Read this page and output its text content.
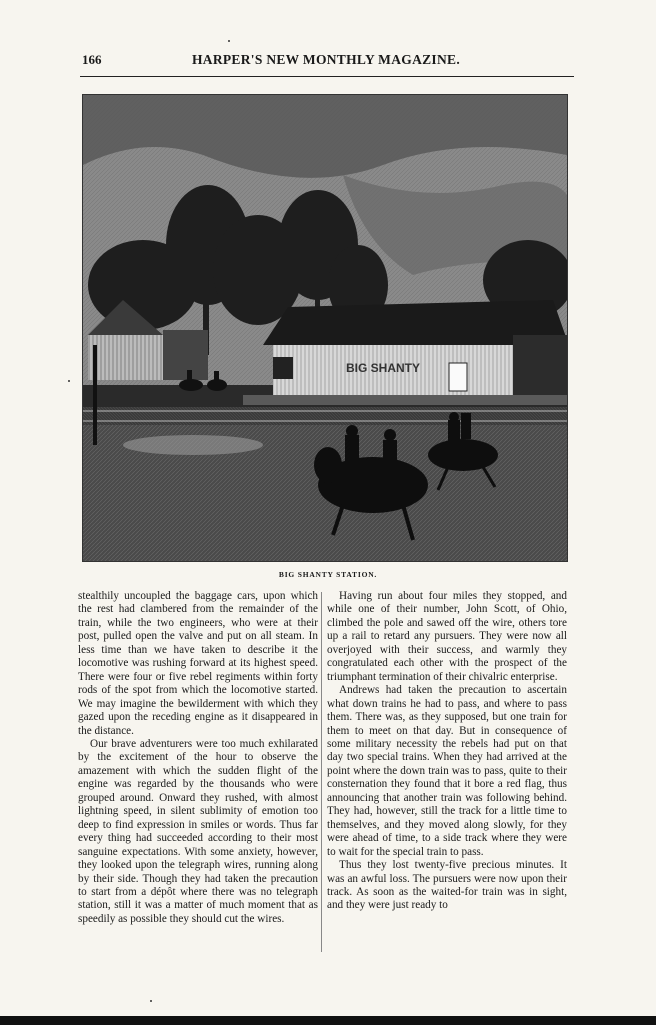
166	HARPER'S NEW MONTHLY MAGAZINE.
BIG SHANTY
BIG SHANTY STATION.

stealthily uncoupled the baggage cars, upon which the rest had clambered from the remainder of the train, while the two engineers, who were at their post, pulled open the valve and put on all steam. In less time than we have taken to describe it the locomotive was rushing forward at its highest speed. There were four or five rebel regiments within forty rods of the spot from which the locomotive started. We may imagine the bewilderment with which they gazed upon the receding engine as it disappeared in the distance.

Our brave adventurers were too much exhilarated by the excitement of the hour to observe the amazement with which the sudden flight of the engine was regarded by the thousands who were grouped around. Onward they rushed, with almost lightning speed, in silent sublimity of emotion too deep to find expression in smiles or words. Thus far every thing had succeeded according to their most sanguine expectations. With some anxiety, however, they looked upon the telegraph wires, running along by their side. Though they had taken the precaution to start from a dépôt where there was no telegraph station, still it was a matter of much moment that as speedily as possible they should cut the wires.

Having run about four miles they stopped, and while one of their number, John Scott, of Ohio, climbed the pole and sawed off the wire, others tore up a rail to retard any pursuers. They were now all overjoyed with their success, and warmly they congratulated each other with the prospect of the triumphant termination of their chivalric enterprise.

Andrews had taken the precaution to ascertain what down trains he had to pass, and where to pass them. There was, as they supposed, but one train for them to meet on that day. But in consequence of some military necessity the rebels had put on that day two special trains. When they had arrived at the point where the down train was to pass, quite to their consternation they found that it bore a red flag, thus announcing that another train was following behind. They had, however, still the track for a little time to themselves, and they moved along slowly, for they were ahead of time, to a side track where they were to wait for the special train to pass.

Thus they lost twenty-five precious minutes. It was an awful loss. The pursuers were now upon their track. As soon as the waited-for train was in sight, and they were just ready to
